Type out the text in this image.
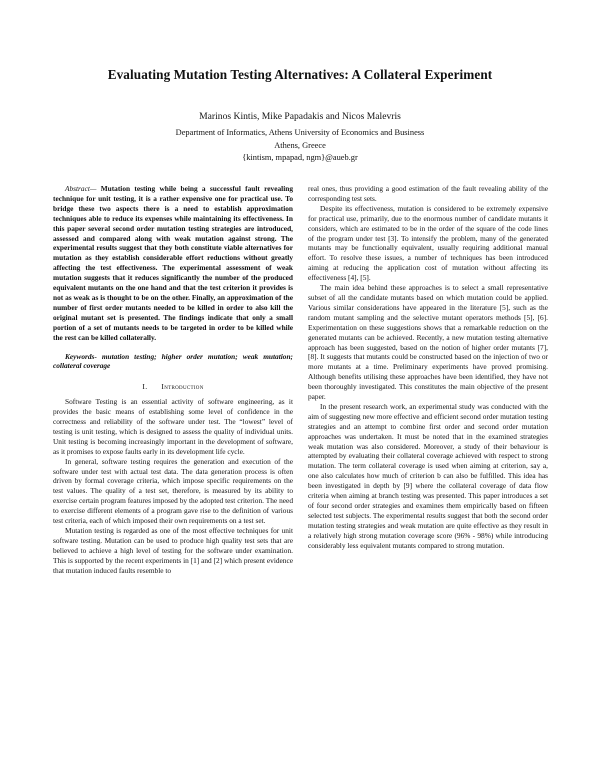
Evaluating Mutation Testing Alternatives: A Collateral Experiment
Marinos Kintis, Mike Papadakis and Nicos Malevris
Department of Informatics, Athens University of Economics and Business
Athens, Greece
{kintism, mpapad, ngm}@aueb.gr

Abstract— Mutation testing while being a successful fault revealing technique for unit testing, it is a rather expensive one for practical use. To bridge these two aspects there is a need to establish approximation techniques able to reduce its expenses while maintaining its effectiveness. In this paper several second order mutation testing strategies are introduced, assessed and compared along with weak mutation against strong. The experimental results suggest that they both constitute viable alternatives for mutation as they establish considerable effort reductions without greatly affecting the test effectiveness. The experimental assessment of weak mutation suggests that it reduces significantly the number of the produced equivalent mutants on the one hand and that the test criterion it provides is not as weak as is thought to be on the other. Finally, an approximation of the number of first order mutants needed to be killed in order to also kill the original mutant set is presented. The findings indicate that only a small portion of a set of mutants needs to be targeted in order to be killed while the rest can be killed collaterally.

Keywords- mutation testing; higher order mutation; weak mutation; collateral coverage

I. Introduction

Software Testing is an essential activity of software engineering, as it provides the basic means of establishing some level of confidence in the correctness and reliability of the software under test. The “lowest” level of testing is unit testing, which is designed to assess the quality of individual units. Unit testing is becoming increasingly important in the development of software, as it promises to expose faults early in its development life cycle.

In general, software testing requires the generation and execution of the software under test with actual test data. The data generation process is often driven by formal coverage criteria, which impose specific requirements on the test values. The quality of a test set, therefore, is measured by its ability to exercise certain program features imposed by the adopted test criterion. The need to exercise different elements of a program gave rise to the definition of various test criteria, each of which imposed their own requirements on a test set.

Mutation testing is regarded as one of the most effective techniques for unit software testing. Mutation can be used to produce high quality test sets that are believed to achieve a high level of testing for the software under examination. This is supported by the recent experiments in [1] and [2] which present evidence that mutation induced faults resemble to

real ones, thus providing a good estimation of the fault revealing ability of the corresponding test sets.

Despite its effectiveness, mutation is considered to be extremely expensive for practical use, primarily, due to the enormous number of candidate mutants it considers, which are estimated to be in the order of the square of the code lines of the program under test [3]. To intensify the problem, many of the generated mutants may be functionally equivalent, usually requiring additional manual effort. To resolve these issues, a number of techniques has been introduced aiming at reducing the application cost of mutation without affecting its effectiveness [4], [5].

The main idea behind these approaches is to select a small representative subset of all the candidate mutants based on which mutation could be applied. Various similar considerations have appeared in the literature [5], such as the random mutant sampling and the selective mutant operators methods [5], [6]. Experimentation on these suggestions shows that a remarkable reduction on the generated mutants can be achieved. Recently, a new mutation testing alternative approach has been suggested, based on the notion of higher order mutants [7], [8]. It suggests that mutants could be constructed based on the injection of two or more mutants at a time. Preliminary experiments have proved promising. Although benefits utilising these approaches have been identified, they have not been thoroughly investigated. This constitutes the main objective of the present paper.

In the present research work, an experimental study was conducted with the aim of suggesting new more effective and efficient second order mutation testing strategies and an attempt to combine first order and second order mutation approaches was undertaken. It must be noted that in the examined strategies weak mutation was also considered. Moreover, a study of their behaviour is attempted by evaluating their collateral coverage achieved with respect to strong mutation. The term collateral coverage is used when aiming at criterion, say a, one also calculates how much of criterion b can also be fulfilled. This idea has been investigated in depth by [9] where the collateral coverage of data flow criteria when aiming at branch testing was presented. This paper introduces a set of four second order strategies and examines them empirically based on fifteen selected test subjects. The experimental results suggest that both the second order mutation testing strategies and weak mutation are quite effective as they result in a relatively high strong mutation coverage score (96% - 98%) while introducing considerably less equivalent mutants compared to strong mutation.
